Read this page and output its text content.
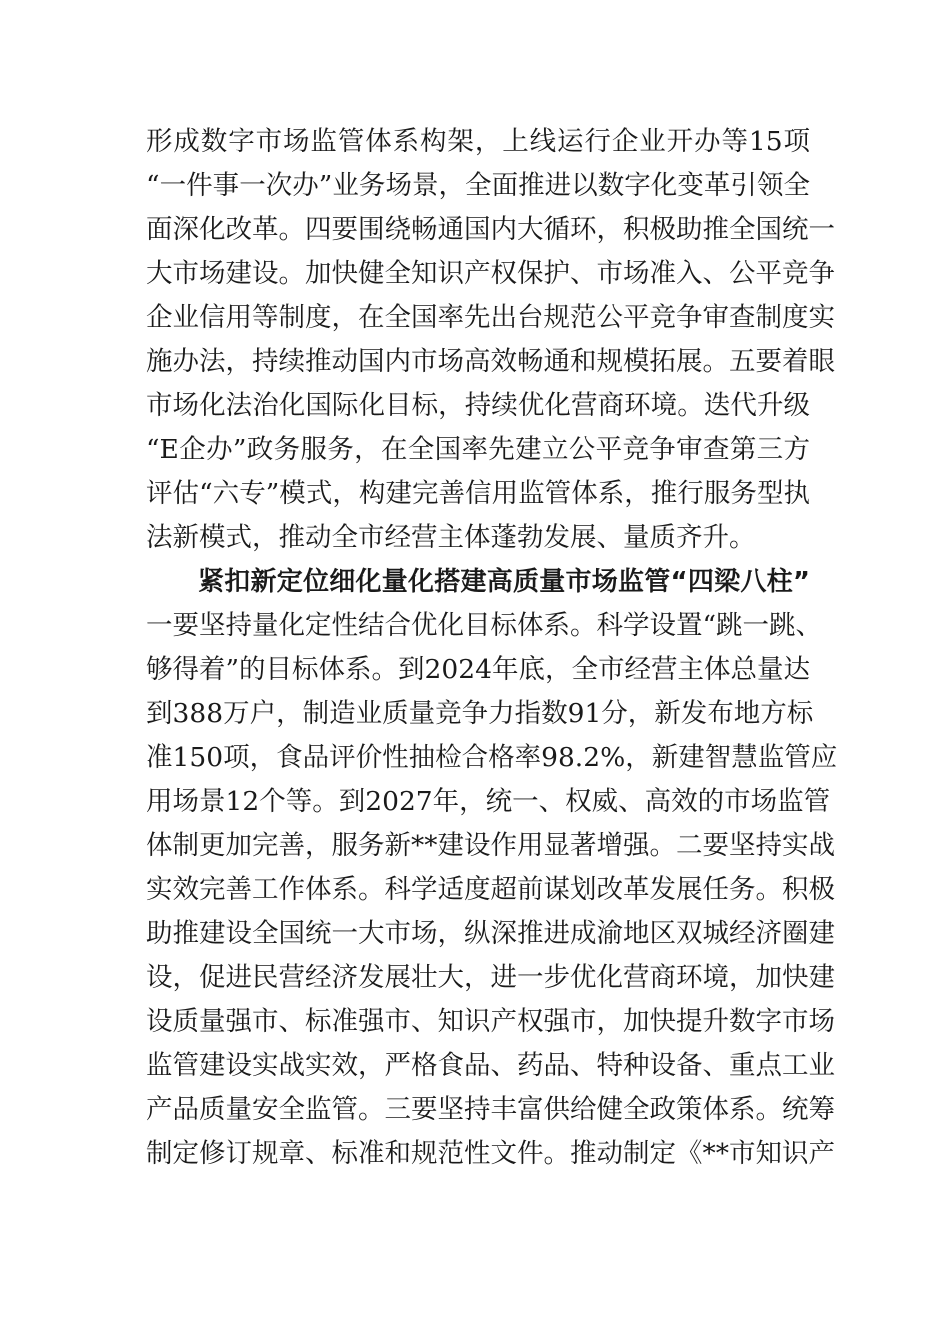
形成数字市场监管体系构架，上线运行企业开办等15项
“一件事一次办”业务场景，全面推进以数字化变革引领全
面深化改革。四要围绕畅通国内大循环，积极助推全国统一
大市场建设。加快健全知识产权保护、市场准入、公平竞争
企业信用等制度，在全国率先出台规范公平竞争审查制度实
施办法，持续推动国内市场高效畅通和规模拓展。五要着眼
市场化法治化国际化目标，持续优化营商环境。迭代升级
“E企办”政务服务，在全国率先建立公平竞争审查第三方
评估“六专”模式，构建完善信用监管体系，推行服务型执
法新模式，推动全市经营主体蓬勃发展、量质齐升。
紧扣新定位细化量化搭建高质量市场监管“四梁八柱”
一要坚持量化定性结合优化目标体系。科学设置“跳一跳、
够得着”的目标体系。到2024年底，全市经营主体总量达
到388万户，制造业质量竞争力指数91分，新发布地方标
准150项，食品评价性抽检合格率98.2%，新建智慧监管应
用场景12个等。到2027年，统一、权威、高效的市场监管
体制更加完善，服务新**建设作用显著增强。二要坚持实战
实效完善工作体系。科学适度超前谋划改革发展任务。积极
助推建设全国统一大市场，纵深推进成渝地区双城经济圈建
设，促进民营经济发展壮大，进一步优化营商环境，加快建
设质量强市、标准强市、知识产权强市，加快提升数字市场
监管建设实战实效，严格食品、药品、特种设备、重点工业
产品质量安全监管。三要坚持丰富供给健全政策体系。统筹
制定修订规章、标准和规范性文件。推动制定《**市知识产
